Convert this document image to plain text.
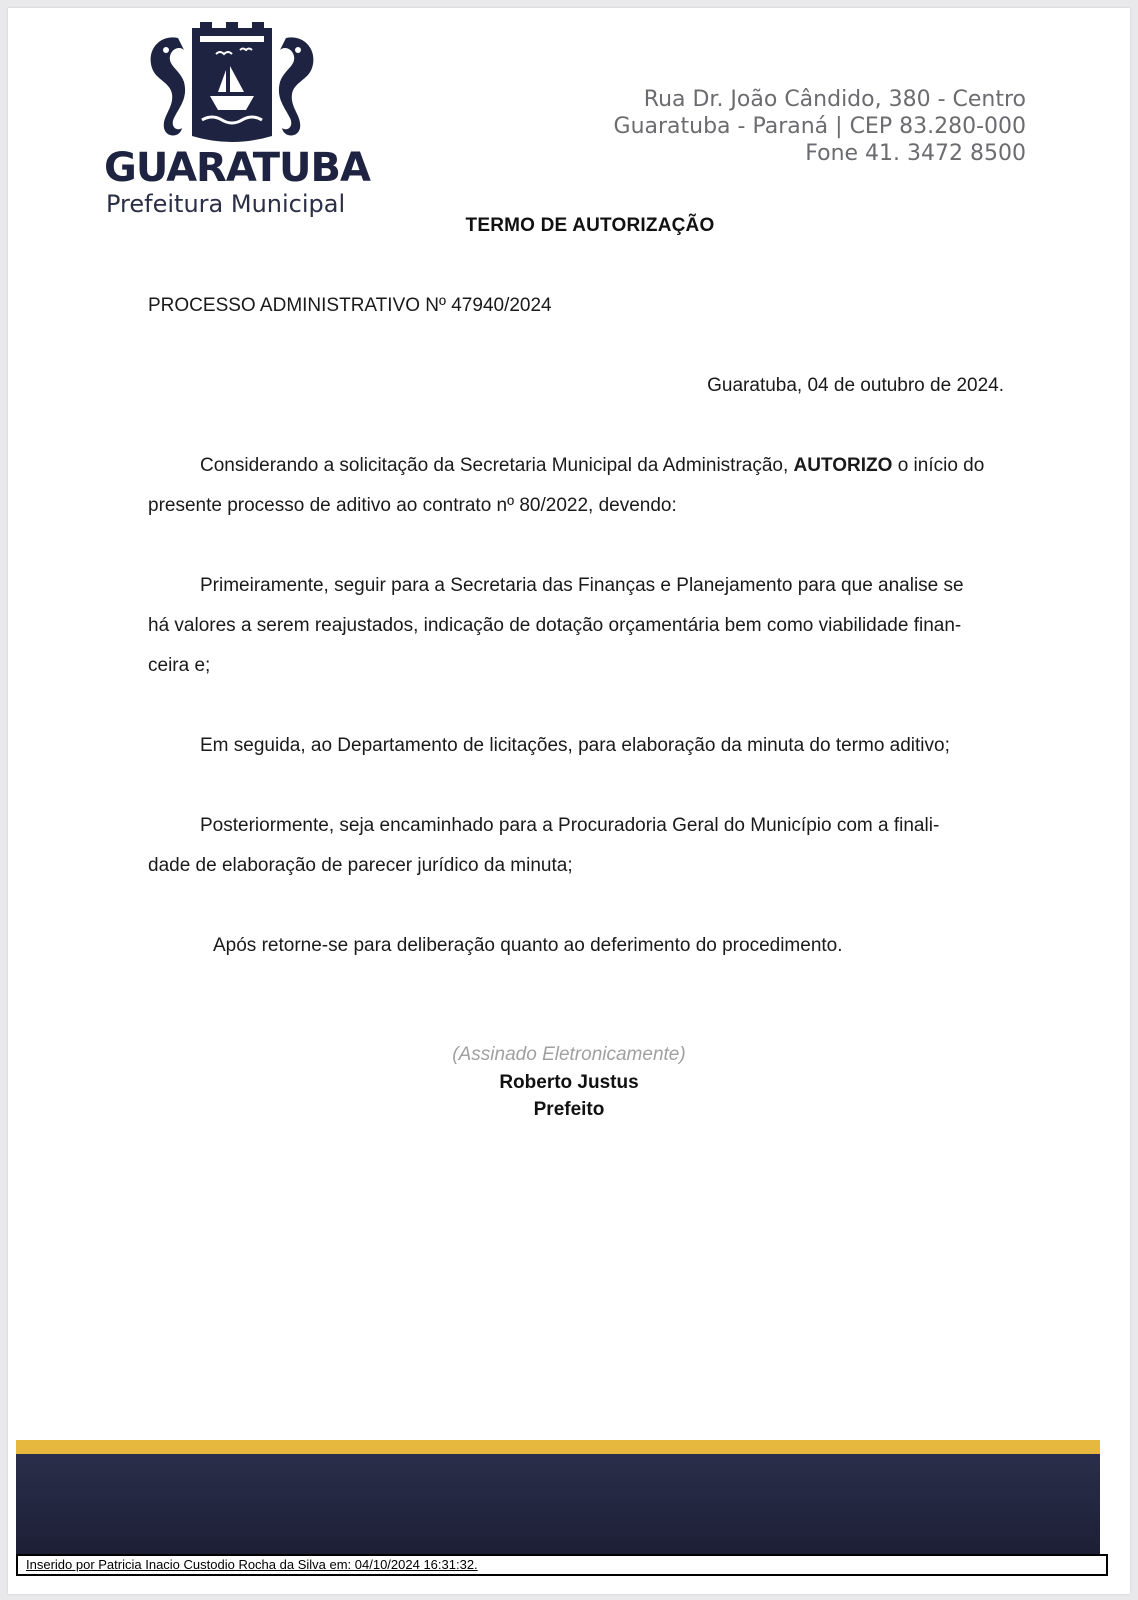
GUARATUBA
Prefeitura Municipal
Rua Dr. João Cândido, 380 - Centro
Guaratuba - Paraná | CEP 83.280-000
Fone 41. 3472 8500
TERMO DE AUTORIZAÇÃO
PROCESSO ADMINISTRATIVO Nº 47940/2024
Guaratuba, 04 de outubro de 2024.
Considerando a solicitação da Secretaria Municipal da Administração, AUTORIZO o início do
presente processo de aditivo ao contrato nº 80/2022, devendo:
Primeiramente, seguir para a Secretaria das Finanças e Planejamento para que analise se
há valores a serem reajustados, indicação de dotação orçamentária bem como viabilidade finan-
ceira e;
Em seguida, ao Departamento de licitações, para elaboração da minuta do termo aditivo;
Posteriormente, seja encaminhado para a Procuradoria Geral do Município com a finali-
dade de elaboração de parecer jurídico da minuta;
Após retorne-se para deliberação quanto ao deferimento do procedimento.
(Assinado Eletronicamente)
Roberto Justus
Prefeito
Inserido por Patricia Inacio Custodio Rocha da Silva em: 04/10/2024 16:31:32.
